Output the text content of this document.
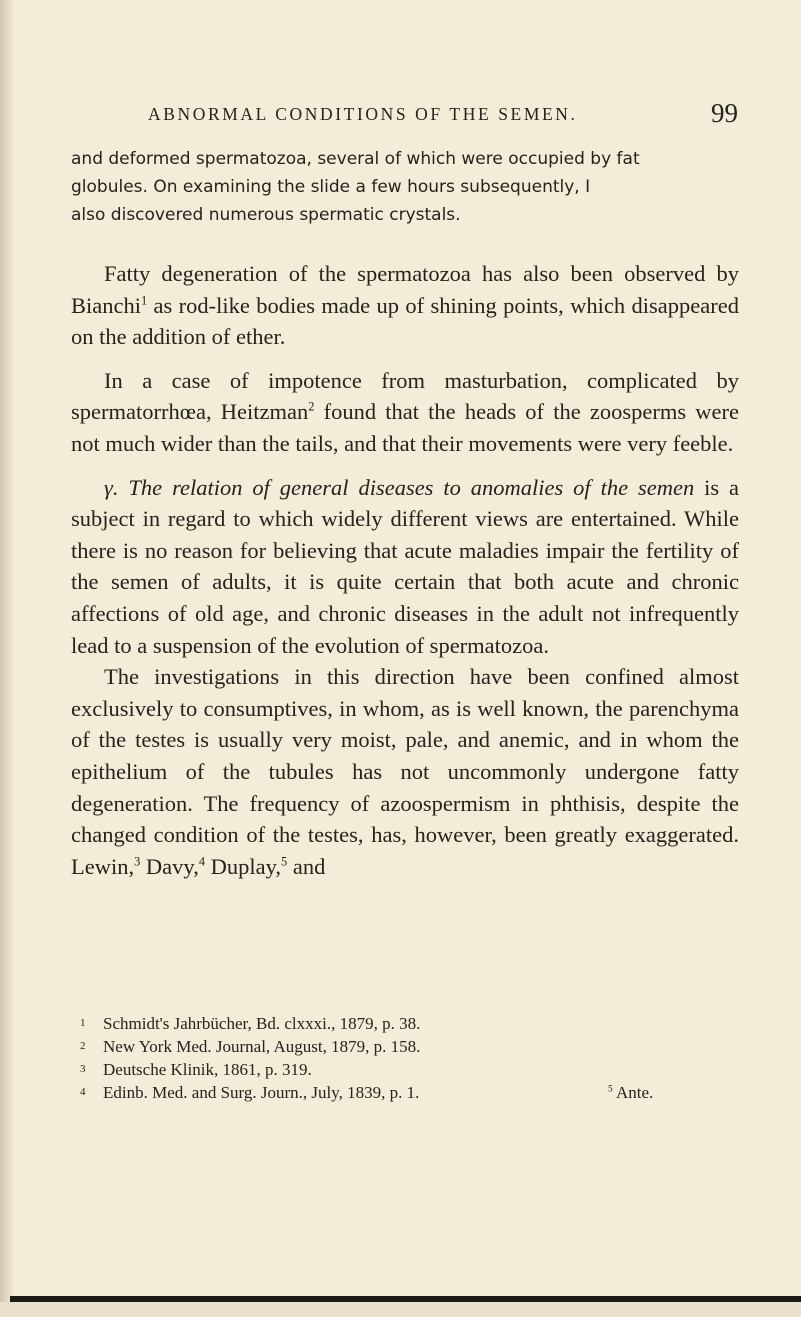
ABNORMAL CONDITIONS OF THE SEMEN.	99

and deformed spermatozoa, several of which were occupied by fat

globules. On examining the slide a few hours subsequently, I

also discovered numerous spermatic crystals.

Fatty degeneration of the spermatozoa has also been observed by Bianchi$^1$ as rod-like bodies made up of shining points, which disappeared on the addition of ether.

In a case of impotence from masturbation, complicated by spermatorrhœa, Heitzman$^2$ found that the heads of the zoosperms were not much wider than the tails, and that their movements were very feeble.

γ. The relation of general diseases to anomalies of the semen is a subject in regard to which widely different views are entertained. While there is no reason for believing that acute maladies impair the fertility of the semen of adults, it is quite certain that both acute and chronic affections of old age, and chronic diseases in the adult not infrequently lead to a suspension of the evolution of spermatozoa.

The investigations in this direction have been confined almost exclusively to consumptives, in whom, as is well known, the parenchyma of the testes is usually very moist, pale, and anemic, and in whom the epithelium of the tubules has not uncommonly undergone fatty degeneration. The frequency of azoospermism in phthisis, despite the changed condition of the testes, has, however, been greatly exaggerated. Lewin,$^3$ Davy,$^4$ Duplay,$^5$ and

1 Schmidt's Jahrbücher, Bd. clxxxi., 1879, p. 38.
2 New York Med. Journal, August, 1879, p. 158.
3 Deutsche Klinik, 1861, p. 319.
4 Edinb. Med. and Surg. Journ., July, 1839, p. 1.	$^5$ Ante.
